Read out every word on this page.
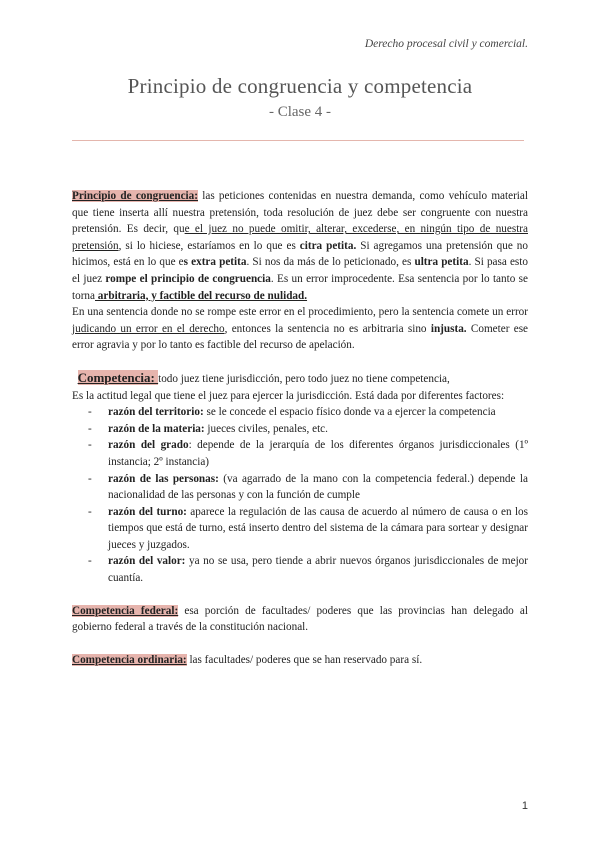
Derecho procesal civil y comercial.
Principio de congruencia y competencia
- Clase 4 -

Principio de congruencia: las peticiones contenidas en nuestra demanda, como vehículo material que tiene inserta allí nuestra pretensión, toda resolución de juez debe ser congruente con nuestra pretensión. Es decir, que el juez no puede omitir, alterar, excederse, en ningún tipo de nuestra pretensión, si lo hiciese, estaríamos en lo que es citra petita. Si agregamos una pretensión que no hicimos, está en lo que es extra petita. Si nos da más de lo peticionado, es ultra petita. Si pasa esto el juez rompe el principio de congruencia. Es un error improcedente. Esa sentencia por lo tanto se torna arbitraria, y factible del recurso de nulidad.

En una sentencia donde no se rompe este error en el procedimiento, pero la sentencia comete un error judicando un error en el derecho, entonces la sentencia no es arbitraria sino injusta. Cometer ese error agravia y por lo tanto es factible del recurso de apelación.

Competencia: todo juez tiene jurisdicción, pero todo juez no tiene competencia,

Es la actitud legal que tiene el juez para ejercer la jurisdicción. Está dada por diferentes factores:

- razón del territorio: se le concede el espacio físico donde va a ejercer la competencia
- razón de la materia: jueces civiles, penales, etc.
- razón del grado: depende de la jerarquía de los diferentes órganos jurisdiccionales (1º instancia; 2º instancia)
- razón de las personas: (va agarrado de la mano con la competencia federal.) depende la nacionalidad de las personas y con la función de cumple
- razón del turno: aparece la regulación de las causa de acuerdo al número de causa o en los tiempos que está de turno, está inserto dentro del sistema de la cámara para sortear y designar jueces y juzgados.
- razón del valor: ya no se usa, pero tiende a abrir nuevos órganos jurisdiccionales de mejor cuantía.

Competencia federal: esa porción de facultades/ poderes que las provincias han delegado al gobierno federal a través de la constitución nacional.

Competencia ordinaria: las facultades/ poderes que se han reservado para sí.

1
